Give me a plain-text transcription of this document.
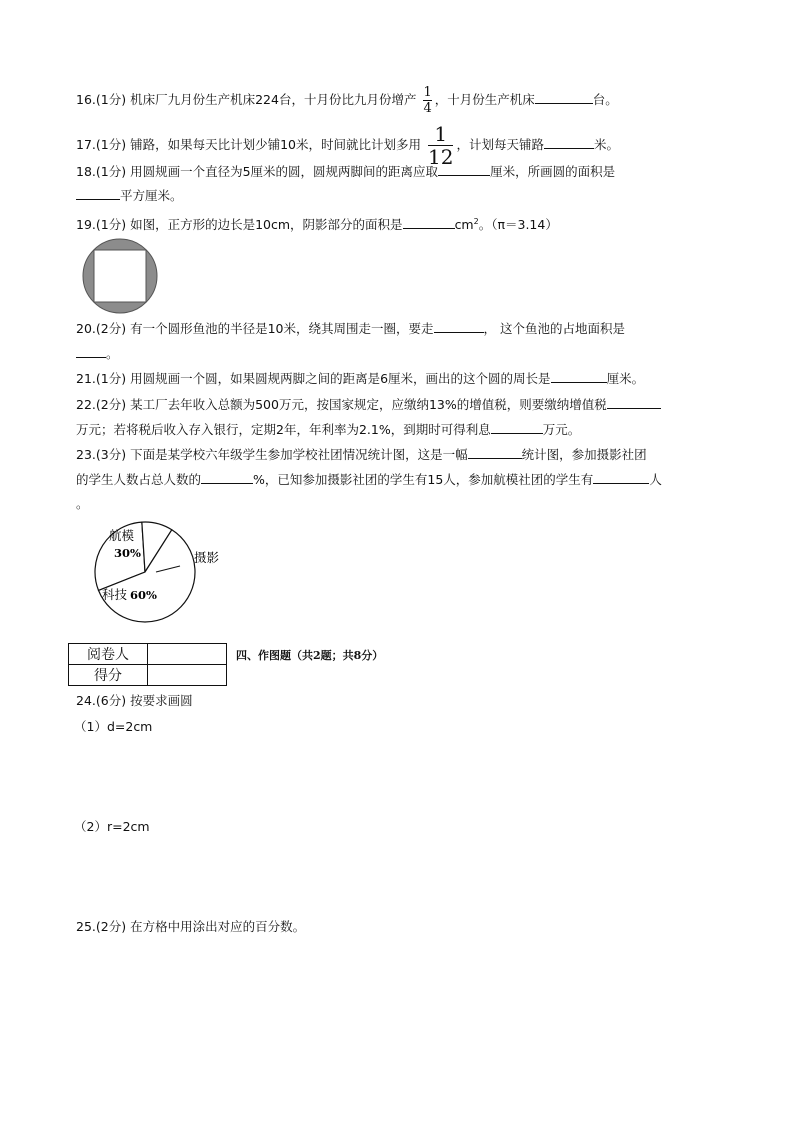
16.(1分) 机床厂九月份生产机床224台，十月份比九月份增产 $\frac{1}{4}$ ，十月份生产机床	台。
17.(1分) 铺路，如果每天比计划少铺10米，时间就比计划多用 $\frac{1}{12}$ ，计划每天铺路	米。
18.(1分) 用圆规画一个直径为5厘米的圆，圆规两脚间的距离应取	厘米，所画圆的面积是
平方厘米。
19.(1分) 如图，正方形的边长是10cm，阴影部分的面积是	$cm^2$。（π＝3.14）
20.(2分) 有一个圆形鱼池的半径是10米，绕其周围走一圈，要走	， 这个鱼池的占地面积是
。
21.(1分) 用圆规画一个圆，如果圆规两脚之间的距离是6厘米，画出的这个圆的周长是	厘米。
22.(2分) 某工厂去年收入总额为500万元，按国家规定，应缴纳13%的增值税，则要缴纳增值税
万元；若将税后收入存入银行，定期2年，年利率为2.1%，到期时可得利息	万元。
23.(3分) 下面是某学校六年级学生参加学校社团情况统计图，这是一幅	统计图，参加摄影社团
的学生人数占总人数的	%，已知参加摄影社团的学生有15人，参加航模社团的学生有	人
。
航模
30%	摄影
科技 60%
阅卷人	
得分	
四、作图题（共2题；共8分）
24.(6分) 按要求画圆
（1）d=2cm
（2）r=2cm
25.(2分) 在方格中用涂出对应的百分数。
